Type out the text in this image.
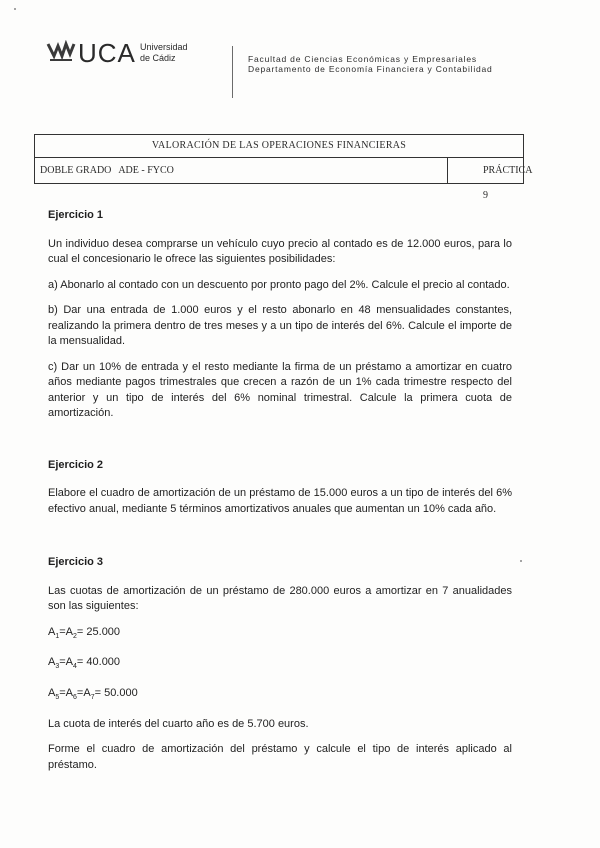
UCA Universidad
de Cádiz	Facultad de Ciencias Económicas y Empresariales
Departamento de Economía Financiera y Contabilidad
VALORACIÓN DE LAS OPERACIONES FINANCIERAS
DOBLE GRADO   ADE - FYCO	PRÁCTICA 9
Ejercicio 1

Un individuo desea comprarse un vehículo cuyo precio al contado es de 12.000 euros, para lo cual el concesionario le ofrece las siguientes posibilidades:

a) Abonarlo al contado con un descuento por pronto pago del 2%. Calcule el precio al contado.

b) Dar una entrada de 1.000 euros y el resto abonarlo en 48 mensualidades constantes, realizando la primera dentro de tres meses y a un tipo de interés del 6%. Calcule el importe de la mensualidad.

c) Dar un 10% de entrada y el resto mediante la firma de un préstamo a amortizar en cuatro años mediante pagos trimestrales que crecen a razón de un 1% cada trimestre respecto del anterior y un tipo de interés del 6% nominal trimestral. Calcule la primera cuota de amortización.

Ejercicio 2

Elabore el cuadro de amortización de un préstamo de 15.000 euros a un tipo de interés del 6% efectivo anual, mediante 5 términos amortizativos anuales que aumentan un 10% cada año.

Ejercicio 3

Las cuotas de amortización de un préstamo de 280.000 euros a amortizar en 7 anualidades son las siguientes:

$A_1=A_2= 25.000$

$A_3=A_4= 40.000$

$A_5=A_6=A_7= 50.000$

La cuota de interés del cuarto año es de 5.700 euros.

Forme el cuadro de amortización del préstamo y calcule el tipo de interés aplicado al préstamo.
